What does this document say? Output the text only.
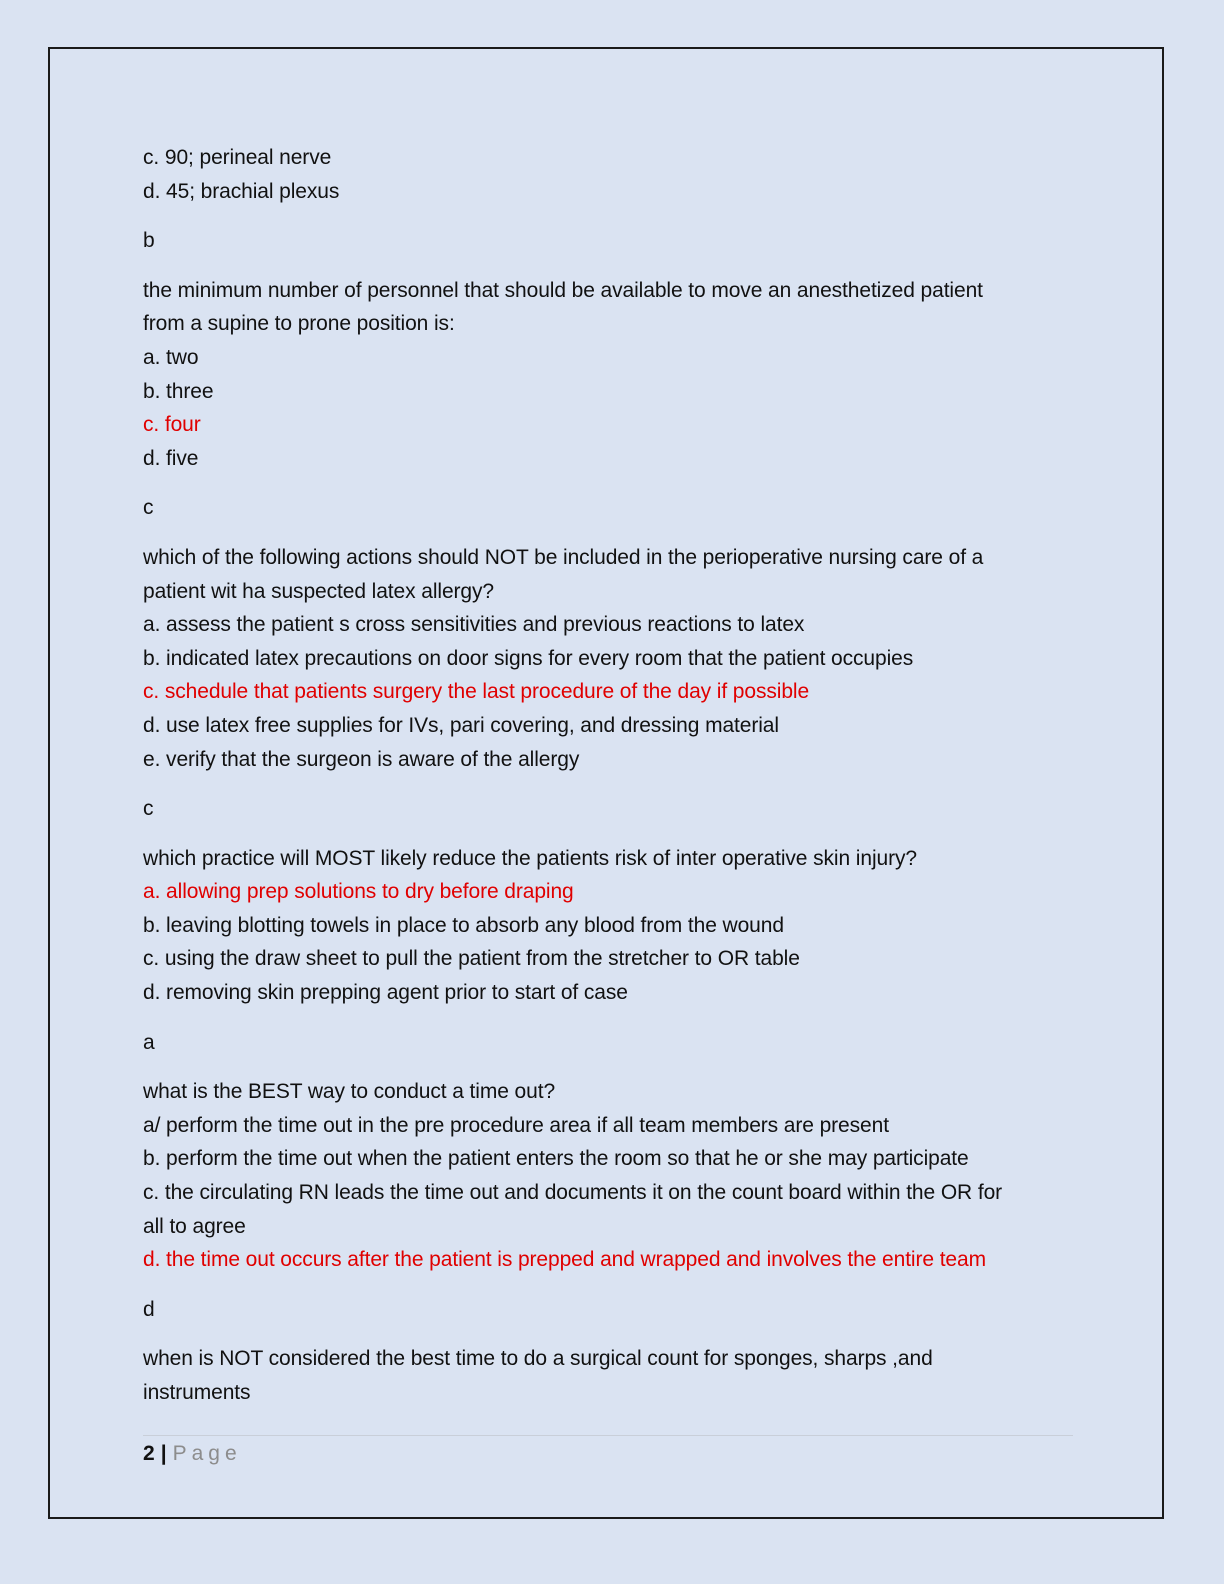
c. 90; perineal nerve

d. 45; brachial plexus

b

the minimum number of personnel that should be available to move an anesthetized patient

from a supine to prone position is:

a. two

b. three

c. four

d. five

c

which of the following actions should NOT be included in the perioperative nursing care of a

patient wit ha suspected latex allergy?

a. assess the patient s cross sensitivities and previous reactions to latex

b. indicated latex precautions on door signs for every room that the patient occupies

c. schedule that patients surgery the last procedure of the day if possible

d. use latex free supplies for IVs, pari covering, and dressing material

e. verify that the surgeon is aware of the allergy

c

which practice will MOST likely reduce the patients risk of inter operative skin injury?

a. allowing prep solutions to dry before draping

b. leaving blotting towels in place to absorb any blood from the wound

c. using the draw sheet to pull the patient from the stretcher to OR table

d. removing skin prepping agent prior to start of case

a

what is the BEST way to conduct a time out?

a/ perform the time out in the pre procedure area if all team members are present

b. perform the time out when the patient enters the room so that he or she may participate

c. the circulating RN leads the time out and documents it on the count board within the OR for

all to agree

d. the time out occurs after the patient is prepped and wrapped and involves the entire team

d

when is NOT considered the best time to do a surgical count for sponges, sharps ,and

instruments

2 | Page
